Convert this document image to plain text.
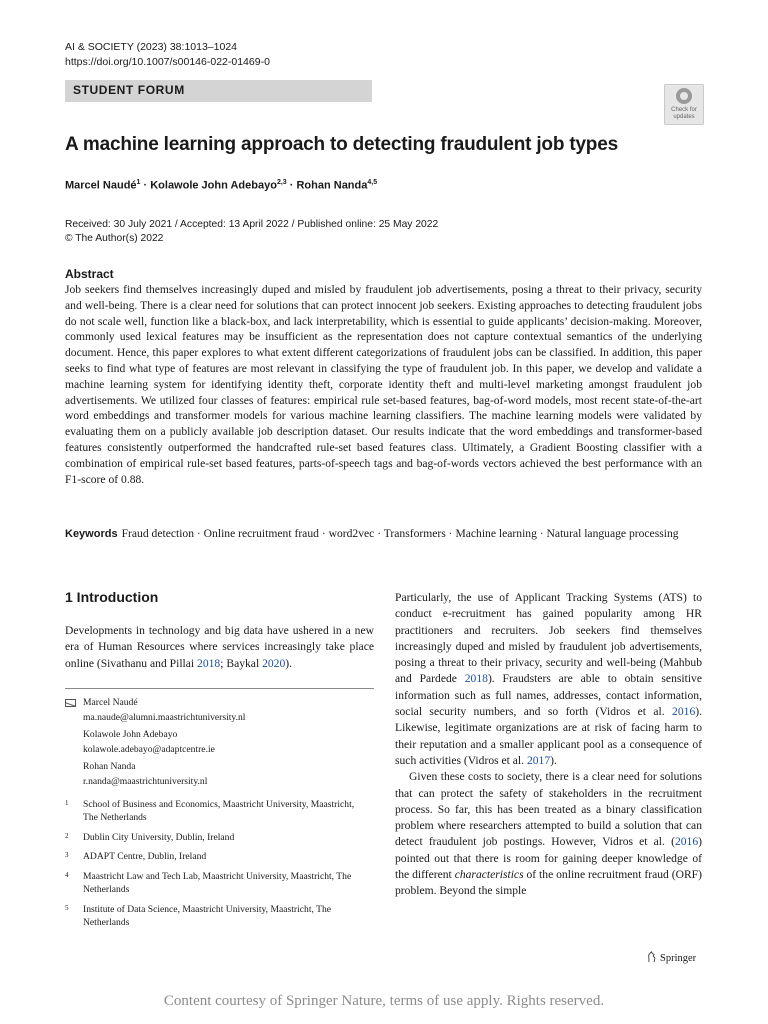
AI & SOCIETY (2023) 38:1013–1024
https://doi.org/10.1007/s00146-022-01469-0
STUDENT FORUM
Check for
updates
A machine learning approach to detecting fraudulent job types
Marcel Naudé$^1$ · Kolawole John Adebayo$^{2,3}$ · Rohan Nanda$^{4,5}$
Received: 30 July 2021 / Accepted: 13 April 2022 / Published online: 25 May 2022
© The Author(s) 2022
Abstract
Job seekers find themselves increasingly duped and misled by fraudulent job advertisements, posing a threat to their privacy, security and well-being. There is a clear need for solutions that can protect innocent job seekers. Existing approaches to detecting fraudulent jobs do not scale well, function like a black-box, and lack interpretability, which is essential to guide applicants’ decision-making. Moreover, commonly used lexical features may be insufficient as the representation does not capture contextual semantics of the underlying document. Hence, this paper explores to what extent different categorizations of fraudulent jobs can be classified. In addition, this paper seeks to find what type of features are most relevant in classifying the type of fraudulent job. In this paper, we develop and validate a machine learning system for identifying identity theft, corporate identity theft and multi-level marketing amongst fraudulent job advertisements. We utilized four classes of features: empirical rule set-based features, bag-of-word models, most recent state-of-the-art word embeddings and transformer models for various machine learning classifiers. The machine learning models were validated by evaluating them on a publicly available job description dataset. Our results indicate that the word embeddings and transformer-based features consistently outperformed the handcrafted rule-set based features class. Ultimately, a Gradient Boosting classifier with a combination of empirical rule-set based features, parts-of-speech tags and bag-of-words vectors achieved the best performance with an F1-score of 0.88.
Keywords Fraud detection · Online recruitment fraud · word2vec · Transformers · Machine learning · Natural language processing
1 Introduction
Developments in technology and big data have ushered in a new era of Human Resources where services increasingly take place online (Sivathanu and Pillai 2018; Baykal 2020).
Marcel Naudé
ma.naude@alumni.maastrichtuniversity.nl
Kolawole John Adebayo
kolawole.adebayo@adaptcentre.ie
Rohan Nanda
r.nanda@maastrichtuniversity.nl
1 School of Business and Economics, Maastricht University, Maastricht, The Netherlands
2 Dublin City University, Dublin, Ireland
3 ADAPT Centre, Dublin, Ireland
4 Maastricht Law and Tech Lab, Maastricht University, Maastricht, The Netherlands
5 Institute of Data Science, Maastricht University, Maastricht, The Netherlands

Particularly, the use of Applicant Tracking Systems (ATS) to conduct e-recruitment has gained popularity among HR practitioners and recruiters. Job seekers find themselves increasingly duped and misled by fraudulent job advertisements, posing a threat to their privacy, security and well-being (Mahbub and Pardede 2018). Fraudsters are able to obtain sensitive information such as full names, addresses, contact information, social security numbers, and so forth (Vidros et al. 2016). Likewise, legitimate organizations are at risk of facing harm to their reputation and a smaller applicant pool as a consequence of such activities (Vidros et al. 2017).

Given these costs to society, there is a clear need for solutions that can protect the safety of stakeholders in the recruitment process. So far, this has been treated as a binary classification problem where researchers attempted to build a solution that can detect fraudulent job postings. However, Vidros et al. (2016) pointed out that there is room for gaining deeper knowledge of the different characteristics of the online recruitment fraud (ORF) problem. Beyond the simple

Springer
Content courtesy of Springer Nature, terms of use apply. Rights reserved.
